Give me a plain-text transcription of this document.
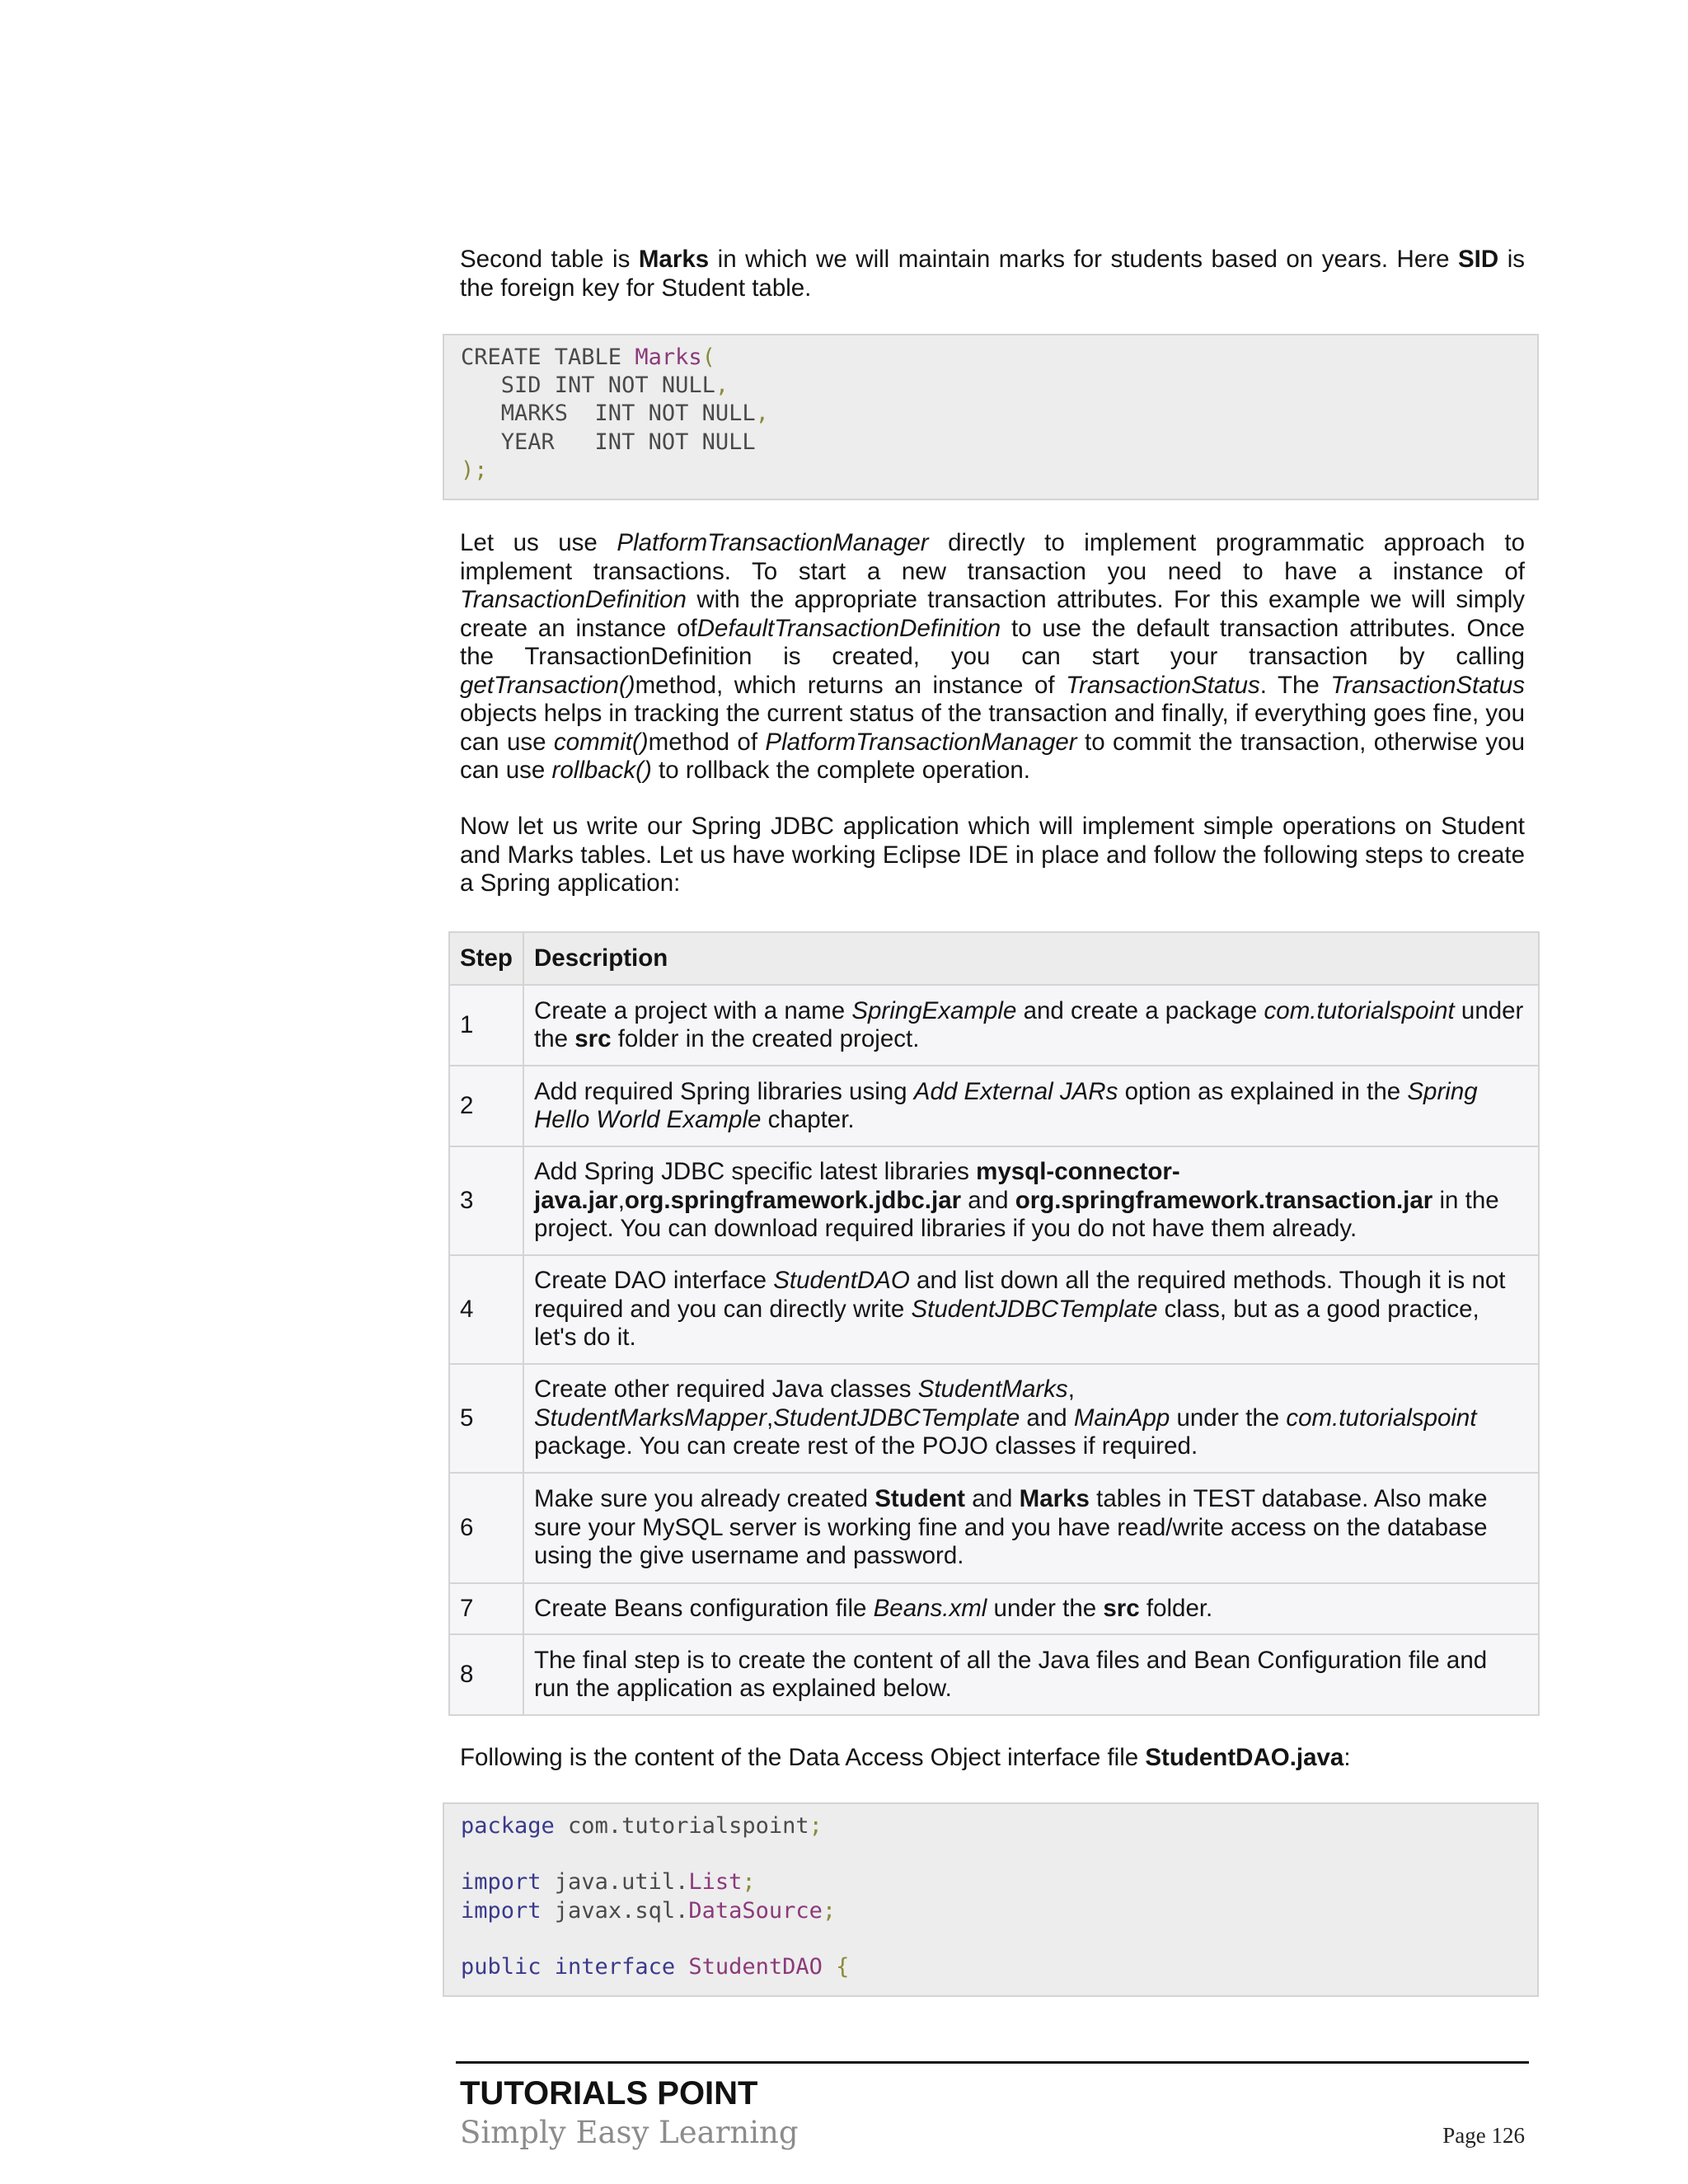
Second table is Marks in which we will maintain marks for students based on years. Here SID is the foreign key for Student table.

CREATE TABLE Marks(
SID INT NOT NULL,
MARKS  INT NOT NULL,
YEAR   INT NOT NULL
);

Let us use PlatformTransactionManager directly to implement programmatic approach to implement transactions. To start a new transaction you need to have a instance of TransactionDefinition with the appropriate transaction attributes. For this example we will simply create an instance ofDefaultTransactionDefinition to use the default transaction attributes. Once the TransactionDefinition is created, you can start your transaction by calling getTransaction()method, which returns an instance of TransactionStatus. The TransactionStatus objects helps in tracking the current status of the transaction and finally, if everything goes fine, you can use commit()method of PlatformTransactionManager to commit the transaction, otherwise you can use rollback() to rollback the complete operation.

Now let us write our Spring JDBC application which will implement simple operations on Student and Marks tables. Let us have working Eclipse IDE in place and follow the following steps to create a Spring application:

Step	Description
1	Create a project with a name SpringExample and create a package com.tutorialspoint under the src folder in the created project.
2	Add required Spring libraries using Add External JARs option as explained in the Spring Hello World Example chapter.
3	Add Spring JDBC specific latest libraries mysql-connector-java.jar,org.springframework.jdbc.jar and org.springframework.transaction.jar in the project. You can download required libraries if you do not have them already.
4	Create DAO interface StudentDAO and list down all the required methods. Though it is not required and you can directly write StudentJDBCTemplate class, but as a good practice, let's do it.
5	Create other required Java classes StudentMarks, StudentMarksMapper,StudentJDBCTemplate and MainApp under the com.tutorialspoint package. You can create rest of the POJO classes if required.
6	Make sure you already created Student and Marks tables in TEST database. Also make sure your MySQL server is working fine and you have read/write access on the database using the give username and password.
7	Create Beans configuration file Beans.xml under the src folder.
8	The final step is to create the content of all the Java files and Bean Configuration file and run the application as explained below.

Following is the content of the Data Access Object interface file StudentDAO.java:

package com.tutorialspoint;

import java.util.List;
import javax.sql.DataSource;

public interface StudentDAO {
TUTORIALS POINT
Simply Easy Learning	Page 126
